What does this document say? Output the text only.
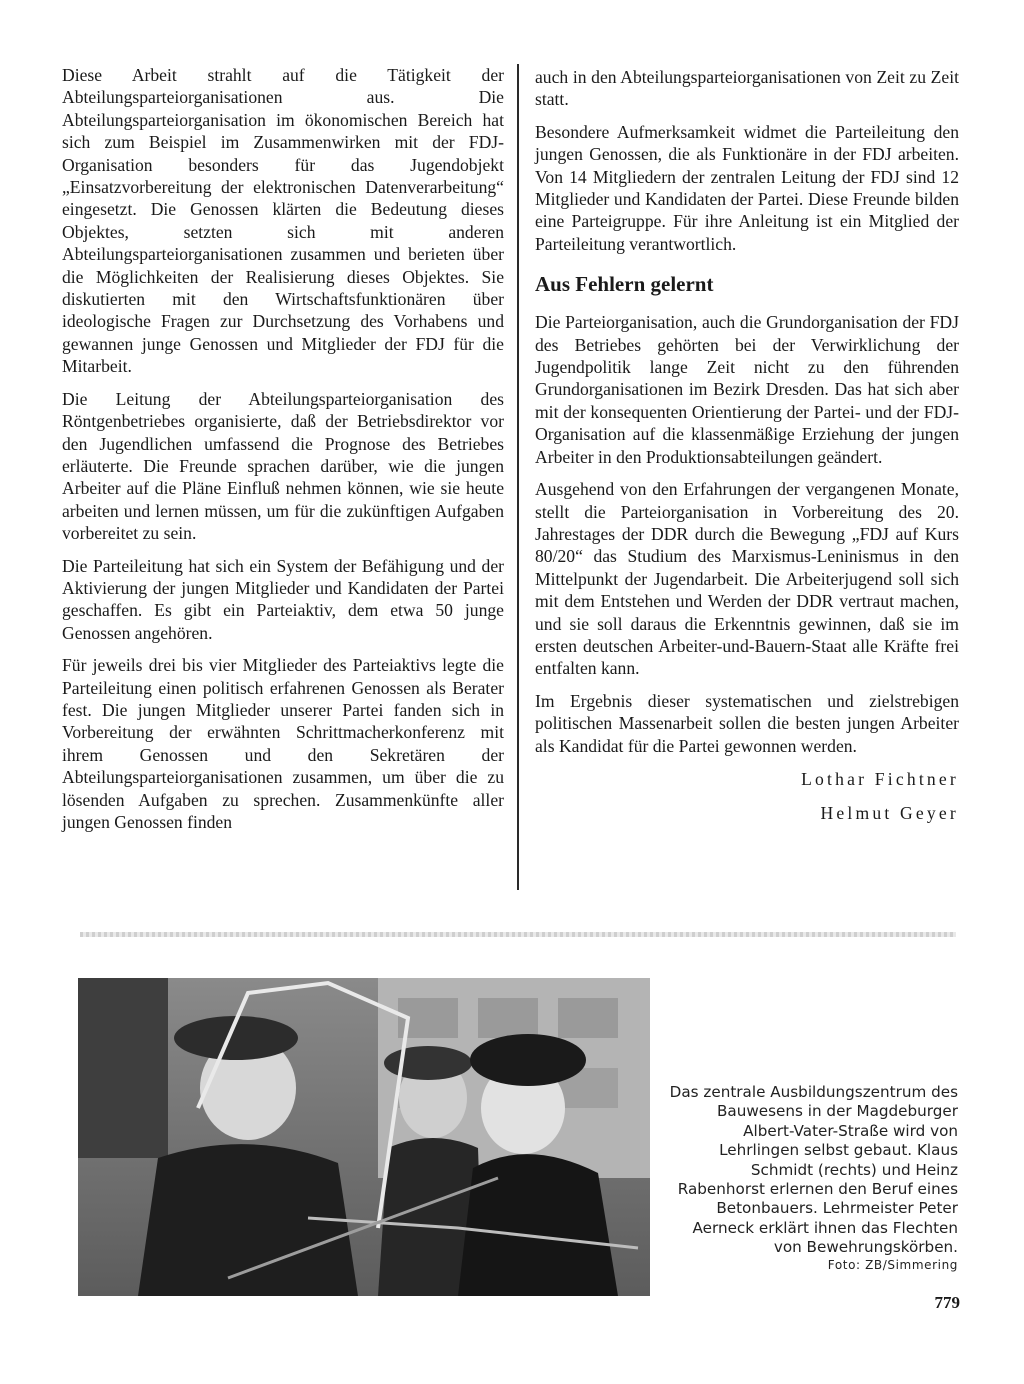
Diese Arbeit strahlt auf die Tätigkeit der Abteilungsparteiorganisationen aus. Die Abteilungsparteiorganisation im ökonomischen Bereich hat sich zum Beispiel im Zusammenwirken mit der FDJ-Organisation besonders für das Jugendobjekt „Einsatzvorbereitung der elektronischen Datenverarbeitung“ eingesetzt. Die Genossen klärten die Bedeutung dieses Objektes, setzten sich mit anderen Abteilungsparteiorganisationen zusammen und berieten über die Möglichkeiten der Realisierung dieses Objektes. Sie diskutierten mit den Wirtschaftsfunktionären über ideologische Fragen zur Durchsetzung des Vorhabens und gewannen junge Genossen und Mitglieder der FDJ für die Mitarbeit.

Die Leitung der Abteilungsparteiorganisation des Röntgenbetriebes organisierte, daß der Betriebsdirektor vor den Jugendlichen umfassend die Prognose des Betriebes erläuterte. Die Freunde sprachen darüber, wie die jungen Arbeiter auf die Pläne Einfluß nehmen können, wie sie heute arbeiten und lernen müssen, um für die zukünftigen Aufgaben vorbereitet zu sein.

Die Parteileitung hat sich ein System der Befähigung und der Aktivierung der jungen Mitglieder und Kandidaten der Partei geschaffen. Es gibt ein Parteiaktiv, dem etwa 50 junge Genossen angehören.

Für jeweils drei bis vier Mitglieder des Parteiaktivs legte die Parteileitung einen politisch erfahrenen Genossen als Berater fest. Die jungen Mitglieder unserer Partei fanden sich in Vorbereitung der erwähnten Schrittmacherkonferenz mit ihrem Genossen und den Sekretären der Abteilungsparteiorganisationen zusammen, um über die zu lösenden Aufgaben zu sprechen. Zusammenkünfte aller jungen Genossen finden

auch in den Abteilungsparteiorganisationen von Zeit zu Zeit statt.

Besondere Aufmerksamkeit widmet die Parteileitung den jungen Genossen, die als Funktionäre in der FDJ arbeiten. Von 14 Mitgliedern der zentralen Leitung der FDJ sind 12 Mitglieder und Kandidaten der Partei. Diese Freunde bilden eine Parteigruppe. Für ihre Anleitung ist ein Mitglied der Parteileitung verantwortlich.

Aus Fehlern gelernt

Die Parteiorganisation, auch die Grundorganisation der FDJ des Betriebes gehörten bei der Verwirklichung der Jugendpolitik lange Zeit nicht zu den führenden Grundorganisationen im Bezirk Dresden. Das hat sich aber mit der konsequenten Orientierung der Partei- und der FDJ-Organisation auf die klassenmäßige Erziehung der jungen Arbeiter in den Produktionsabteilungen geändert.

Ausgehend von den Erfahrungen der vergangenen Monate, stellt die Parteiorganisation in Vorbereitung des 20. Jahrestages der DDR durch die Bewegung „FDJ auf Kurs 80/20“ das Studium des Marxismus-Leninismus in den Mittelpunkt der Jugendarbeit. Die Arbeiterjugend soll sich mit dem Entstehen und Werden der DDR vertraut machen, und sie soll daraus die Erkenntnis gewinnen, daß sie im ersten deutschen Arbeiter-und-Bauern-Staat alle Kräfte frei entfalten kann.

Im Ergebnis dieser systematischen und zielstrebigen politischen Massenarbeit sollen die besten jungen Arbeiter als Kandidat für die Partei gewonnen werden.

Lothar Fichtner

Helmut Geyer

Das zentrale Ausbildungszentrum des Bauwesens in der Magdeburger Albert-Vater-Straße wird von Lehrlingen selbst gebaut. Klaus Schmidt (rechts) und Heinz Rabenhorst erlernen den Beruf eines Betonbauers. Lehrmeister Peter Aerneck erklärt ihnen das Flechten von Bewehrungskörben.
Foto: ZB/Simmering
779
